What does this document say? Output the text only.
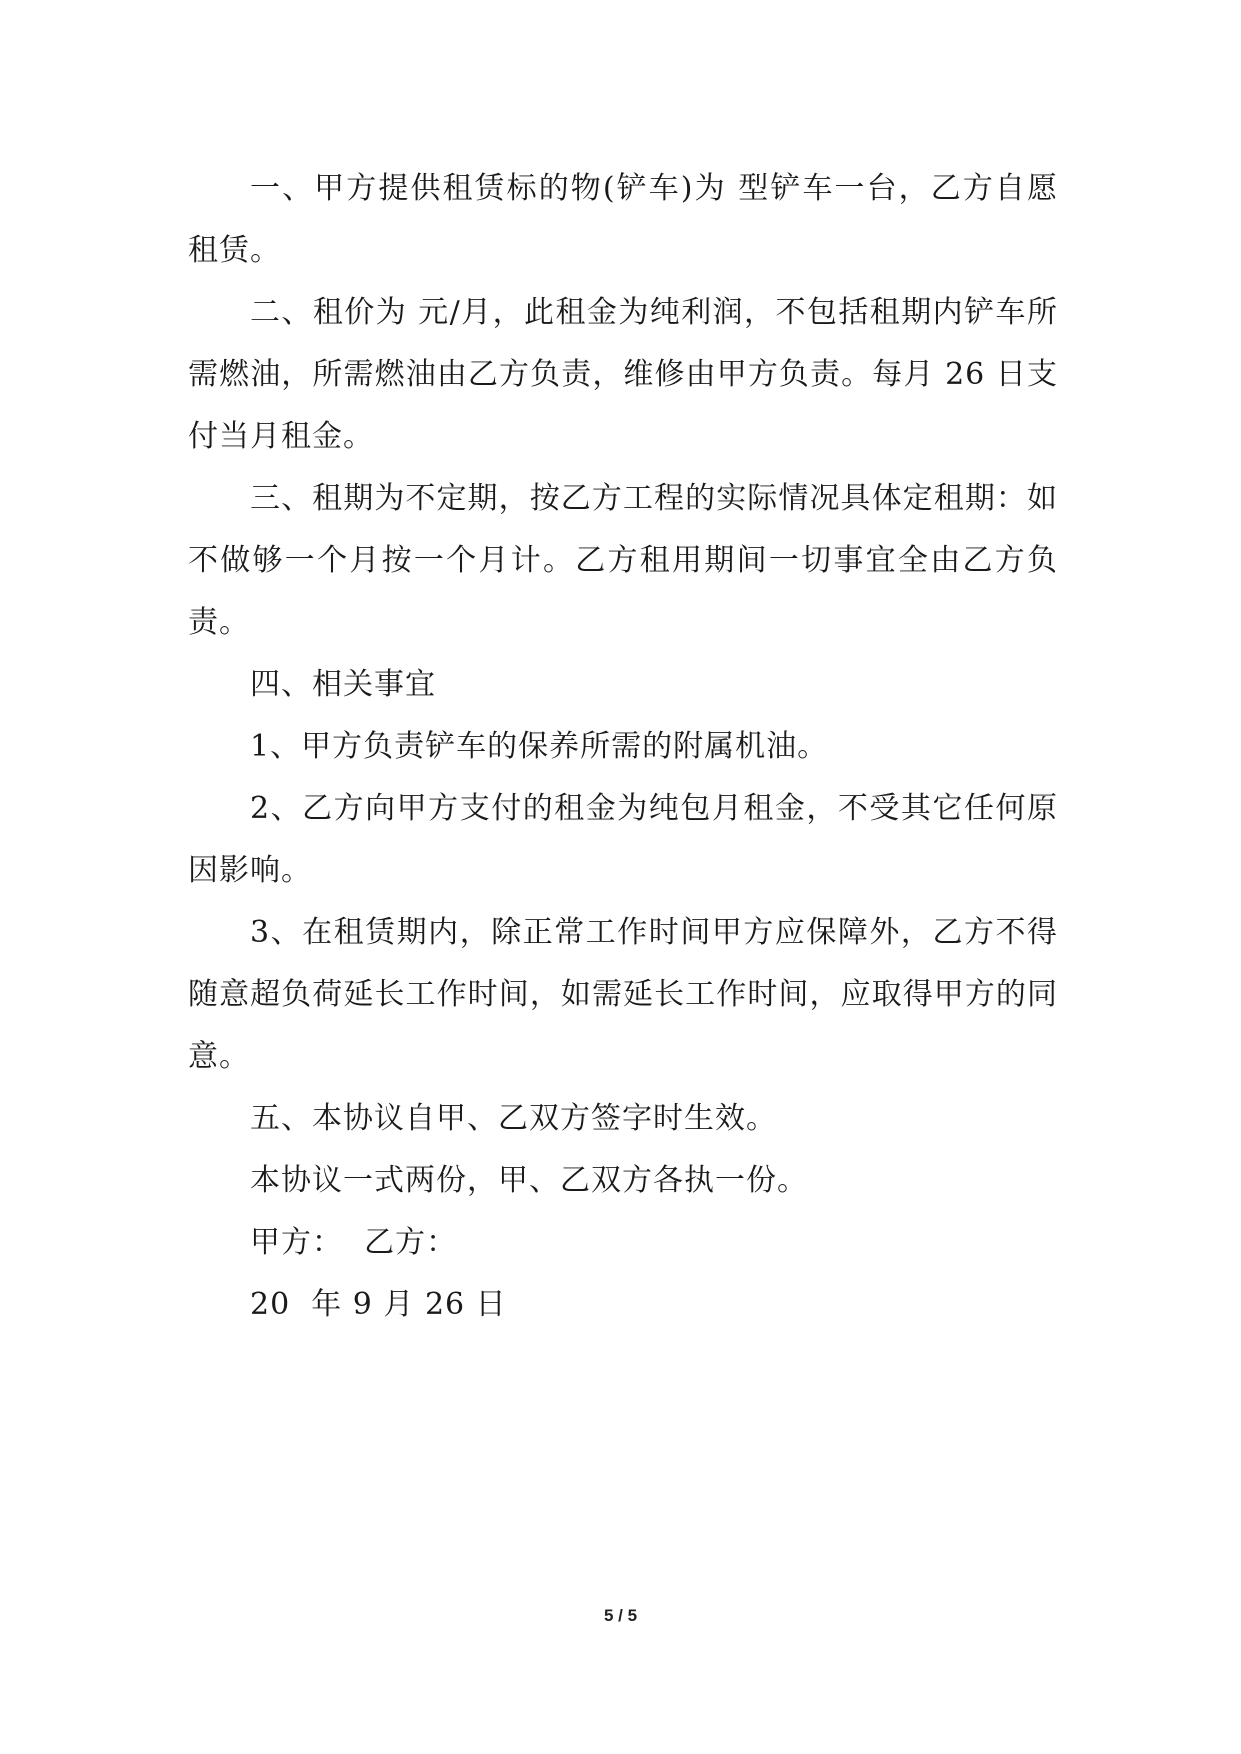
一、甲方提供租赁标的物(铲车)为 型铲车一台，乙方自愿租赁。

二、租价为 元/月，此租金为纯利润，不包括租期内铲车所需燃油，所需燃油由乙方负责，维修由甲方负责。每月 26 日支付当月租金。

三、租期为不定期，按乙方工程的实际情况具体定租期：如不做够一个月按一个月计。乙方租用期间一切事宜全由乙方负责。

四、相关事宜

1、甲方负责铲车的保养所需的附属机油。

2、乙方向甲方支付的租金为纯包月租金，不受其它任何原因影响。

3、在租赁期内，除正常工作时间甲方应保障外，乙方不得随意超负荷延长工作时间，如需延长工作时间，应取得甲方的同意。

五、本协议自甲、乙双方签字时生效。

本协议一式两份，甲、乙双方各执一份。

甲方：  乙方：

20  年 9 月 26 日

5 / 5
